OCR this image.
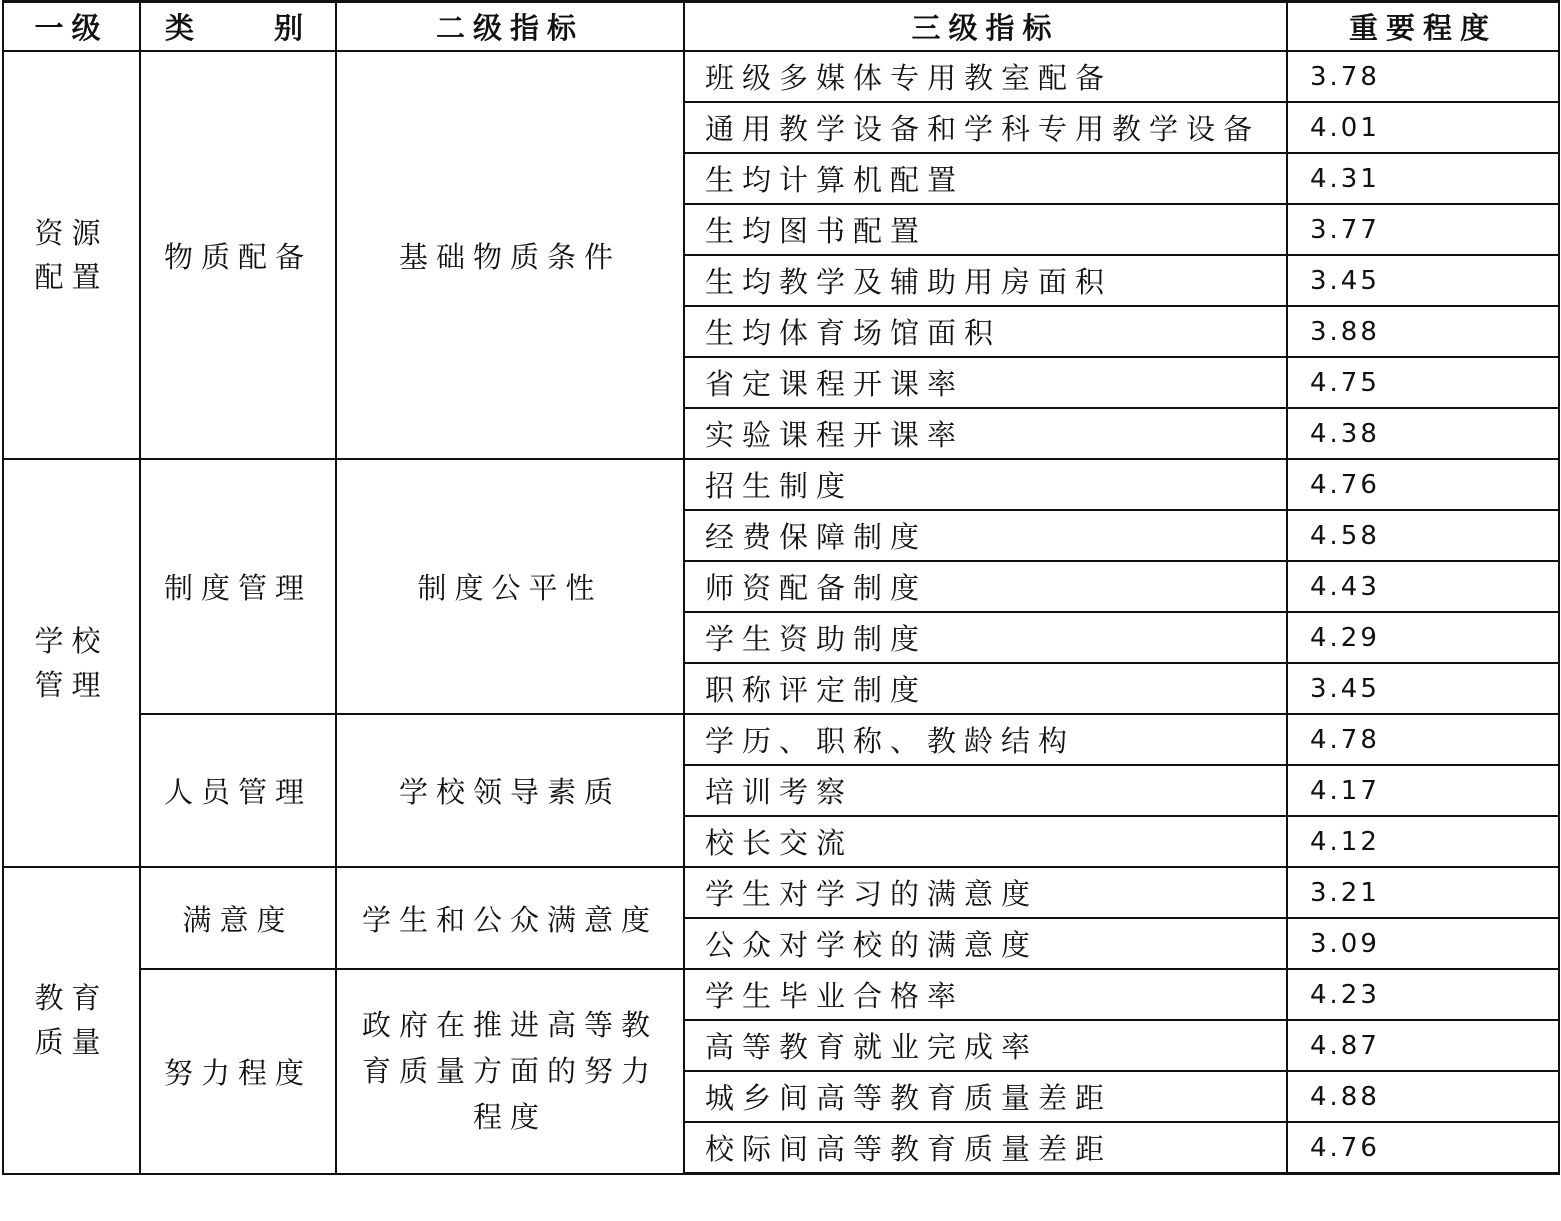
一级	类 别	二级指标	三级指标	重要程度
资源配置	物质配备	基础物质条件	班级多媒体专用教室配备	3.78
			通用教学设备和学科专用教学设备	4.01
			生均计算机配置	4.31
			生均图书配置	3.77
			生均教学及辅助用房面积	3.45
			生均体育场馆面积	3.88
			省定课程开课率	4.75
			实验课程开课率	4.38
学校管理	制度管理	制度公平性	招生制度	4.76
			经费保障制度	4.58
			师资配备制度	4.43
			学生资助制度	4.29
			职称评定制度	3.45
	人员管理	学校领导素质	学历、职称、教龄结构	4.78
			培训考察	4.17
			校长交流	4.12
教育质量	满意度	学生和公众满意度	学生对学习的满意度	3.21
			公众对学校的满意度	3.09
	努力程度	政府在推进高等教育质量方面的努力程度	学生毕业合格率	4.23
			高等教育就业完成率	4.87
			城乡间高等教育质量差距	4.88
			校际间高等教育质量差距	4.76
